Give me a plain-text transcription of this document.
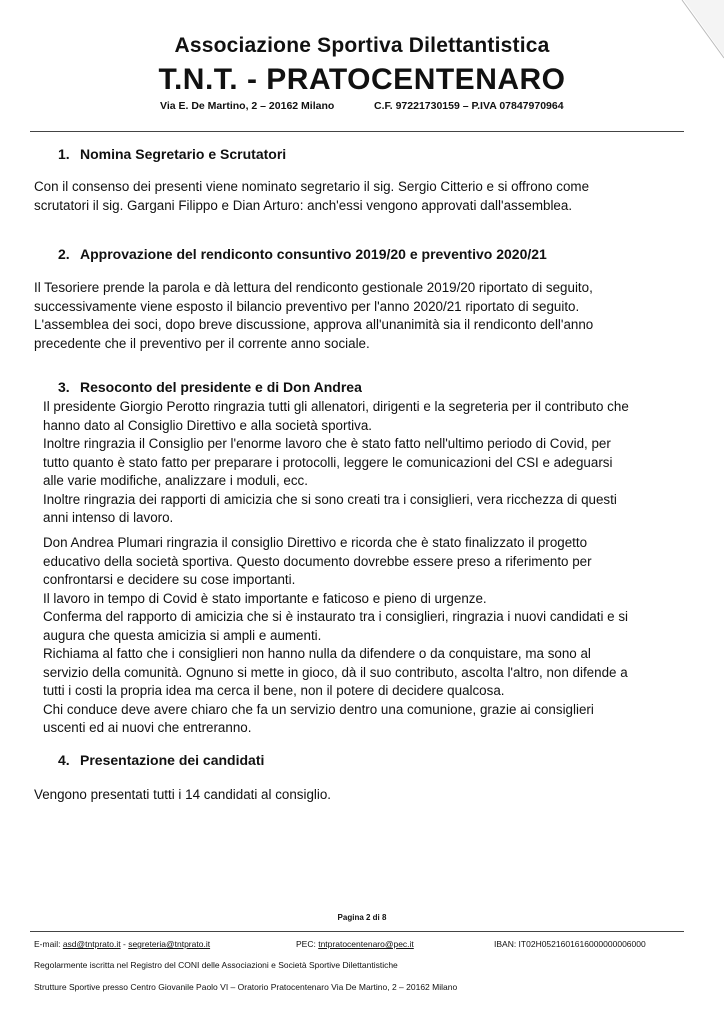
Associazione Sportiva Dilettantistica
T.N.T. - PRATOCENTENARO
Via E. De Martino, 2 – 20162 Milano	C.F. 97221730159 – P.IVA 07847970964
1. Nomina Segretario e Scrutatori
Con il consenso dei presenti viene nominato segretario il sig. Sergio Citterio e si offrono come
scrutatori il sig. Gargani Filippo e Dian Arturo: anch'essi vengono approvati dall'assemblea.
2. Approvazione del rendiconto consuntivo 2019/20 e preventivo 2020/21
Il Tesoriere prende la parola e dà lettura del rendiconto gestionale 2019/20 riportato di seguito,
successivamente viene esposto il bilancio preventivo per l'anno 2020/21 riportato di seguito.
L'assemblea dei soci, dopo breve discussione, approva all'unanimità sia il rendiconto dell'anno
precedente che il preventivo per il corrente anno sociale.
3. Resoconto del presidente e di Don Andrea
Il presidente Giorgio Perotto ringrazia tutti gli allenatori, dirigenti e la segreteria per il contributo che
hanno dato al Consiglio Direttivo e alla società sportiva.
Inoltre ringrazia il Consiglio per l'enorme lavoro che è stato fatto nell'ultimo periodo di Covid, per
tutto quanto è stato fatto per preparare i protocolli, leggere le comunicazioni del CSI e adeguarsi
alle varie modifiche, analizzare i moduli, ecc.
Inoltre ringrazia dei rapporti di amicizia che si sono creati tra i consiglieri, vera ricchezza di questi
anni intenso di lavoro.
Don Andrea Plumari ringrazia il consiglio Direttivo e ricorda che è stato finalizzato il progetto
educativo della società sportiva. Questo documento dovrebbe essere preso a riferimento per
confrontarsi e decidere su cose importanti.
Il lavoro in tempo di Covid è stato importante e faticoso e pieno di urgenze.
Conferma del rapporto di amicizia che si è instaurato tra i consiglieri, ringrazia i nuovi candidati e si
augura che questa amicizia si ampli e aumenti.
Richiama al fatto che i consiglieri non hanno nulla da difendere o da conquistare, ma sono al
servizio della comunità. Ognuno si mette in gioco, dà il suo contributo, ascolta l'altro, non difende a
tutti i costi la propria idea ma cerca il bene, non il potere di decidere qualcosa.
Chi conduce deve avere chiaro che fa un servizio dentro una comunione, grazie ai consiglieri
uscenti ed ai nuovi che entreranno.
4. Presentazione dei candidati
Vengono presentati tutti i 14 candidati al consiglio.
Pagina 2 di 8
E-mail: asd@tntprato.it - segreteria@tntprato.it	PEC: tntpratocentenaro@pec.it	IBAN: IT02H0521601616000000006000
Regolarmente iscritta nel Registro del CONI delle Associazioni e Società Sportive Dilettantistiche
Strutture Sportive presso Centro Giovanile Paolo VI – Oratorio Pratocentenaro Via De Martino, 2 – 20162 Milano
